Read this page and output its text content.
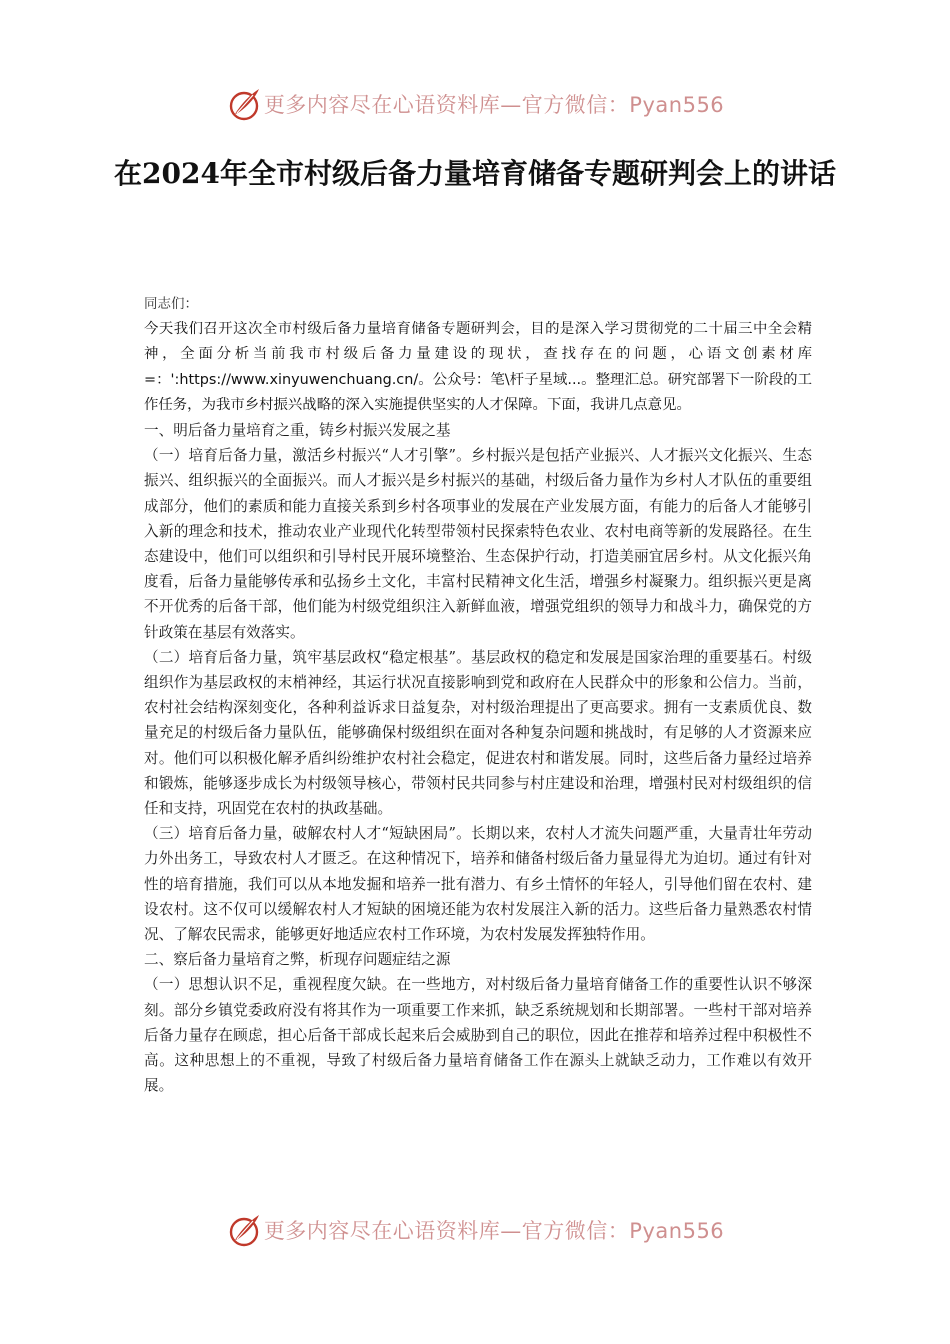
更多内容尽在心语资料库—官方微信：Pyan556
在2024年全市村级后备力量培育储备专题研判会上的讲话

同志们：

今天我们召开这次全市村级后备力量培育储备专题研判会，目的是深入学习贯彻党的二十届三中全会精神，全面分析当前我市村级后备力量建设的现状，查找存在的问题，心语文创素材库=：':https://www.xinyuwenchuang.cn/。公众号：笔\杆子星域...。整理汇总。研究部署下一阶段的工作任务，为我市乡村振兴战略的深入实施提供坚实的人才保障。下面，我讲几点意见。

一、明后备力量培育之重，铸乡村振兴发展之基

（一）培育后备力量，激活乡村振兴“人才引擎”。乡村振兴是包括产业振兴、人才振兴文化振兴、生态振兴、组织振兴的全面振兴。而人才振兴是乡村振兴的基础，村级后备力量作为乡村人才队伍的重要组成部分，他们的素质和能力直接关系到乡村各项事业的发展在产业发展方面，有能力的后备人才能够引入新的理念和技术，推动农业产业现代化转型带领村民探索特色农业、农村电商等新的发展路径。在生态建设中，他们可以组织和引导村民开展环境整治、生态保护行动，打造美丽宜居乡村。从文化振兴角度看，后备力量能够传承和弘扬乡土文化，丰富村民精神文化生活，增强乡村凝聚力。组织振兴更是离不开优秀的后备干部，他们能为村级党组织注入新鲜血液，增强党组织的领导力和战斗力，确保党的方针政策在基层有效落实。

（二）培育后备力量，筑牢基层政权“稳定根基”。基层政权的稳定和发展是国家治理的重要基石。村级组织作为基层政权的末梢神经，其运行状况直接影响到党和政府在人民群众中的形象和公信力。当前，农村社会结构深刻变化，各种利益诉求日益复杂，对村级治理提出了更高要求。拥有一支素质优良、数量充足的村级后备力量队伍，能够确保村级组织在面对各种复杂问题和挑战时，有足够的人才资源来应对。他们可以积极化解矛盾纠纷维护农村社会稳定，促进农村和谐发展。同时，这些后备力量经过培养和锻炼，能够逐步成长为村级领导核心，带领村民共同参与村庄建设和治理，增强村民对村级组织的信任和支持，巩固党在农村的执政基础。

（三）培育后备力量，破解农村人才“短缺困局”。长期以来，农村人才流失问题严重，大量青壮年劳动力外出务工，导致农村人才匮乏。在这种情况下，培养和储备村级后备力量显得尤为迫切。通过有针对性的培育措施，我们可以从本地发掘和培养一批有潜力、有乡土情怀的年轻人，引导他们留在农村、建设农村。这不仅可以缓解农村人才短缺的困境还能为农村发展注入新的活力。这些后备力量熟悉农村情况、了解农民需求，能够更好地适应农村工作环境，为农村发展发挥独特作用。

二、察后备力量培育之弊，析现存问题症结之源

（一）思想认识不足，重视程度欠缺。在一些地方，对村级后备力量培育储备工作的重要性认识不够深刻。部分乡镇党委政府没有将其作为一项重要工作来抓，缺乏系统规划和长期部署。一些村干部对培养后备力量存在顾虑，担心后备干部成长起来后会威胁到自己的职位，因此在推荐和培养过程中积极性不高。这种思想上的不重视，导致了村级后备力量培育储备工作在源头上就缺乏动力，工作难以有效开展。

更多内容尽在心语资料库—官方微信：Pyan556
